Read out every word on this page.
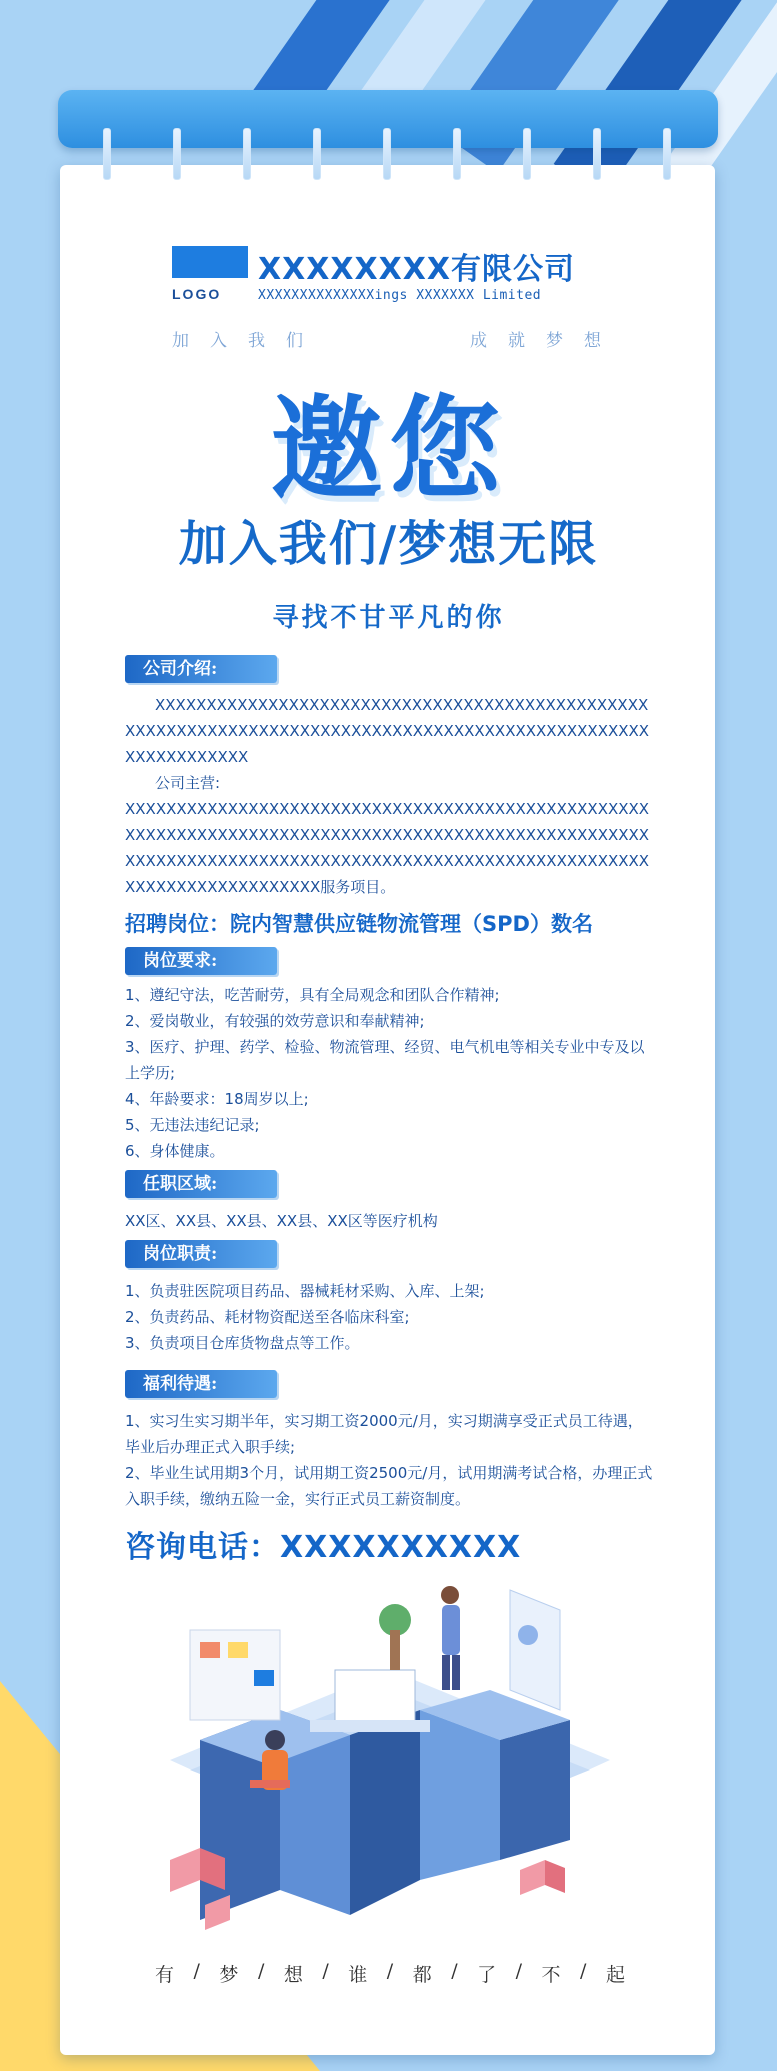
LOGO
XXXXXXXX有限公司
XXXXXXXXXXXXXXings XXXXXXX Limited
加　 入　 我　 们	成　 就　 梦　 想
邀您
加入我们/梦想无限
寻找不甘平凡的你
公司介绍:

XXXXXXXXXXXXXXXXXXXXXXXXXXXXXXXXXXXXXXXXXXXXXXXXXXXXXXXXXXXXXXXXXXXXXXXXXXXXXXXXXXXXXXXXXXXXXXXXXXXXXXXXXXXXXXX

公司主营:

XXXXXXXXXXXXXXXXXXXXXXXXXXXXXXXXXXXXXXXXXXXXXXXXXXXXXXXXXXXXXXXXXXXXXXXXXXXXXXXXXXXXXXXXXXXXXXXXXXXXXXXXXXXXXXXXXXXXXXXXXXXXXXXXXXXXXXXXXXXXXXXXXXXXXXXXXXXXXXXXXXXXXXXXXXXX服务项目。

招聘岗位：院内智慧供应链物流管理（SPD）数名
岗位要求:
1、遵纪守法，吃苦耐劳，具有全局观念和团队合作精神;
2、爱岗敬业，有较强的效劳意识和奉献精神;
3、医疗、护理、药学、检验、物流管理、经贸、电气机电等相关专业中专及以上学历;
4、年龄要求：18周岁以上;
5、无违法违纪记录;
6、身体健康。
任职区域:
XX区、XX县、XX县、XX县、XX区等医疗机构
岗位职责:
1、负责驻医院项目药品、器械耗材采购、入库、上架;
2、负责药品、耗材物资配送至各临床科室;
3、负责项目仓库货物盘点等工作。
福利待遇:
1、实习生实习期半年，实习期工资2000元/月，实习期满享受正式员工待遇，毕业后办理正式入职手续;
2、毕业生试用期3个月，试用期工资2500元/月，试用期满考试合格，办理正式入职手续，缴纳五险一金，实行正式员工薪资制度。
咨询电话：XXXXXXXXXX
有 / 梦 / 想 / 谁 / 都 / 了 / 不 / 起
